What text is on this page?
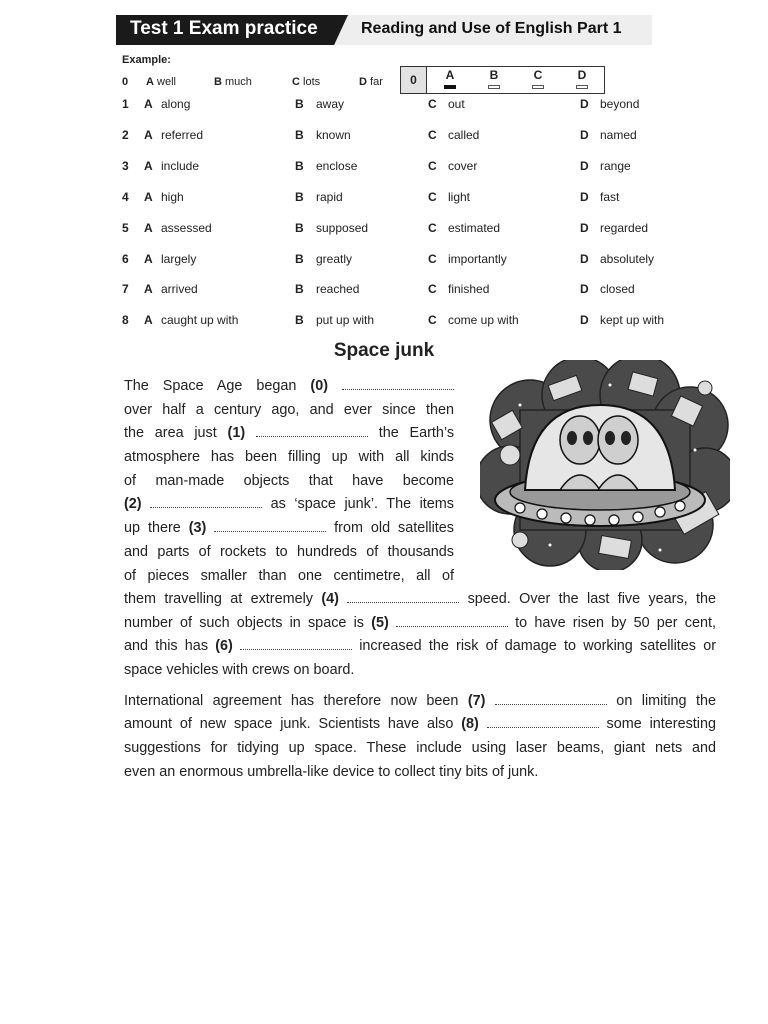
Test 1 Exam practice	Reading and Use of English Part 1
Example:
0 A well	B much	C lots	D far	0	A	B	C	D
1 A along	B away	C out	D beyond
2 A referred	B known	C called	D named
3 A include	B enclose	C cover	D range
4 A high	B rapid	C light	D fast
5 A assessed	B supposed	C estimated	D regarded
6 A largely	B greatly	C importantly	D absolutely
7 A arrived	B reached	C finished	D closed
8 A caught up with	B put up with	C come up with	D kept up with
Space junk
The Space Age began (0)
over half a century ago, and ever since then
the area just (1)	the Earth’s
atmosphere has been filling up with all kinds
of man-made objects that have become
(2)	as ‘space junk’. The items
up there (3)	from old satellites
and parts of rockets to hundreds of thousands
of pieces smaller than one centimetre, all of
them travelling at extremely (4)	speed. Over the last five years, the
number of such objects in space is (5)	to have risen by 50 per cent,
and this has (6)	increased the risk of damage to working satellites or
space vehicles with crews on board.
International agreement has therefore now been (7)	on limiting the
amount of new space junk. Scientists have also (8)	some interesting
suggestions for tidying up space. These include using laser beams, giant nets and
even an enormous umbrella-like device to collect tiny bits of junk.
